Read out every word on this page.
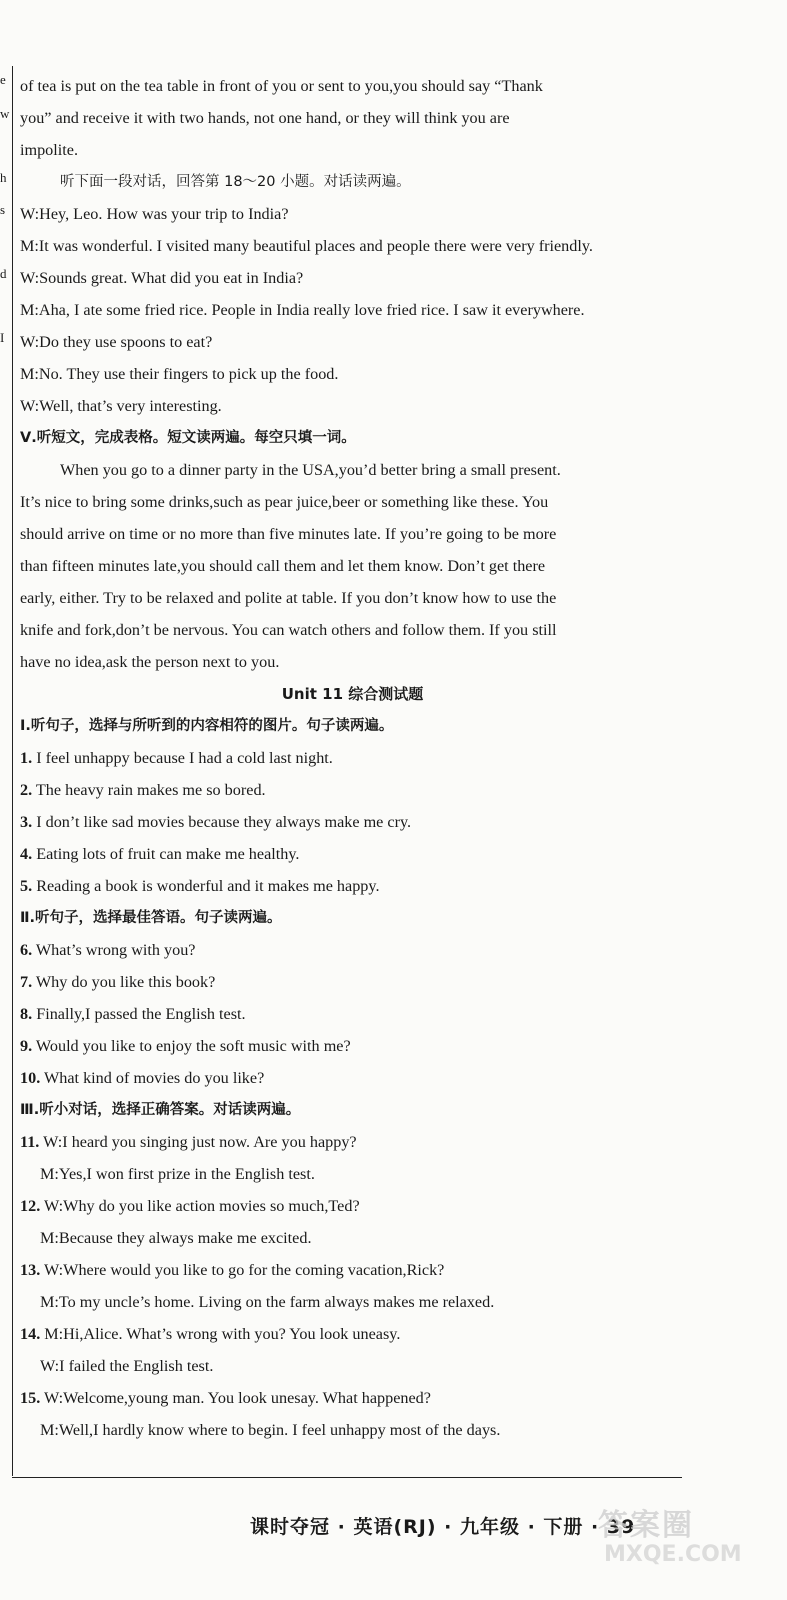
e
w
h
s
d
I
of tea is put on the tea table in front of you or sent to you,you should say “Thank
you” and receive it with two hands, not one hand, or they will think you are
impolite.
听下面一段对话，回答第 18～20 小题。对话读两遍。
W:Hey, Leo. How was your trip to India?
M:It was wonderful. I visited many beautiful places and people there were very friendly.
W:Sounds great. What did you eat in India?
M:Aha, I ate some fried rice. People in India really love fried rice. I saw it everywhere.
W:Do they use spoons to eat?
M:No. They use their fingers to pick up the food.
W:Well, that’s very interesting.
Ⅴ.听短文，完成表格。短文读两遍。每空只填一词。
When you go to a dinner party in the USA,you’d better bring a small present.
It’s nice to bring some drinks,such as pear juice,beer or something like these. You
should arrive on time or no more than five minutes late. If you’re going to be more
than fifteen minutes late,you should call them and let them know. Don’t get there
early, either. Try to be relaxed and polite at table. If you don’t know how to use the
knife and fork,don’t be nervous. You can watch others and follow them. If you still
have no idea,ask the person next to you.
Unit 11 综合测试题
Ⅰ.听句子，选择与所听到的内容相符的图片。句子读两遍。
1. I feel unhappy because I had a cold last night.
2. The heavy rain makes me so bored.
3. I don’t like sad movies because they always make me cry.
4. Eating lots of fruit can make me healthy.
5. Reading a book is wonderful and it makes me happy.
Ⅱ.听句子，选择最佳答语。句子读两遍。
6. What’s wrong with you?
7. Why do you like this book?
8. Finally,I passed the English test.
9. Would you like to enjoy the soft music with me?
10. What kind of movies do you like?
Ⅲ.听小对话，选择正确答案。对话读两遍。
11. W:I heard you singing just now. Are you happy?
M:Yes,I won first prize in the English test.
12. W:Why do you like action movies so much,Ted?
M:Because they always make me excited.
13. W:Where would you like to go for the coming vacation,Rick?
M:To my uncle’s home. Living on the farm always makes me relaxed.
14. M:Hi,Alice. What’s wrong with you? You look uneasy.
W:I failed the English test.
15. W:Welcome,young man. You look unesay. What happened?
M:Well,I hardly know where to begin. I feel unhappy most of the days.
课时夺冠 · 英语(RJ) · 九年级 · 下册 · 39
答案圈
MXQE.COM
